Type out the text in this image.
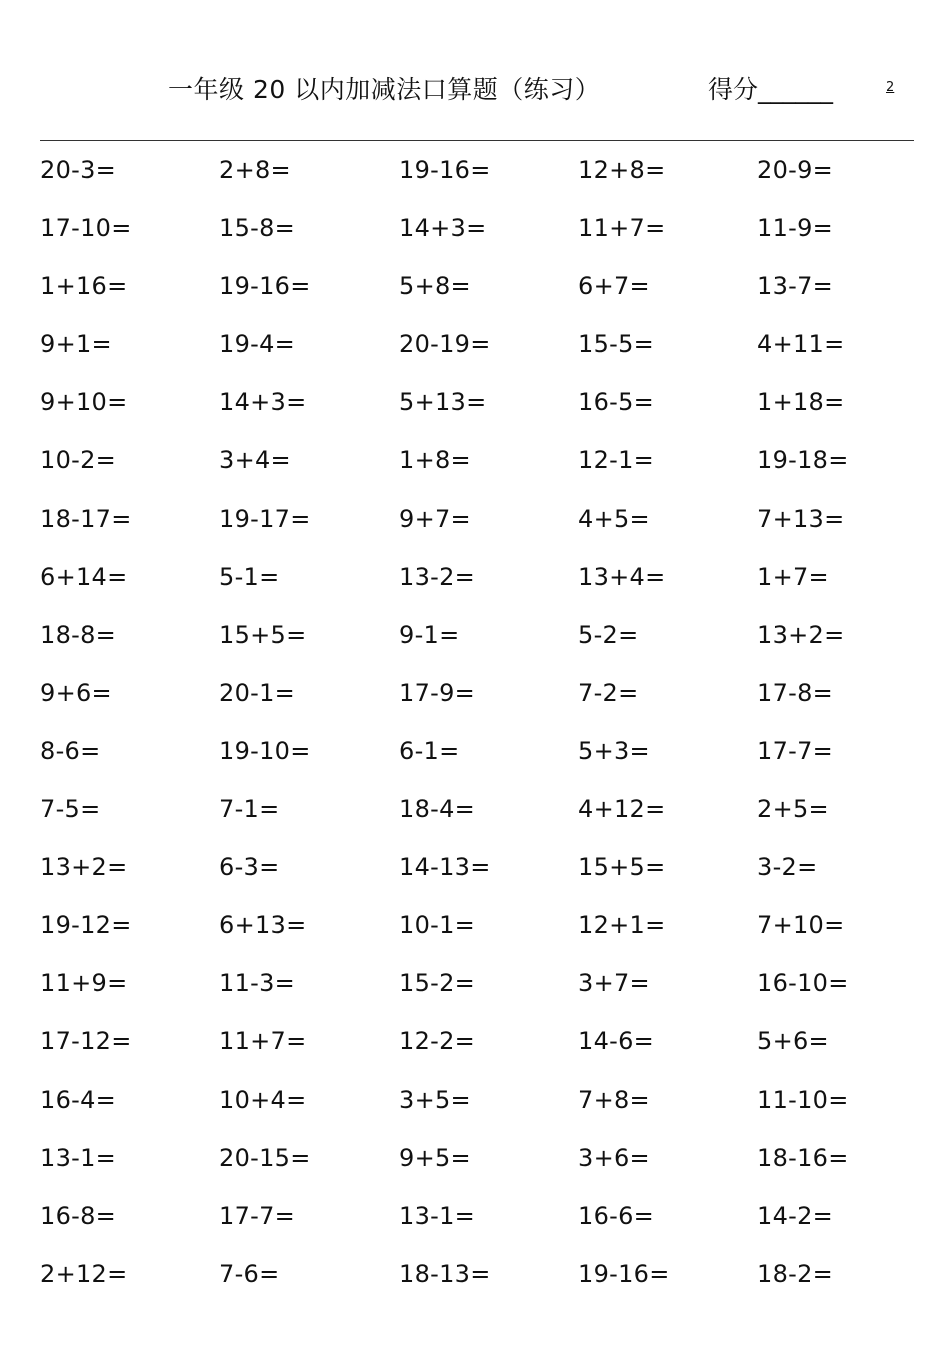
一年级 20 以内加减法口算题（练习）	得分______	2
20-3=	2+8=	19-16=	12+8=	20-9=
17-10=	15-8=	14+3=	11+7=	11-9=
1+16=	19-16=	5+8=	6+7=	13-7=
9+1=	19-4=	20-19=	15-5=	4+11=
9+10=	14+3=	5+13=	16-5=	1+18=
10-2=	3+4=	1+8=	12-1=	19-18=
18-17=	19-17=	9+7=	4+5=	7+13=
6+14=	5-1=	13-2=	13+4=	1+7=
18-8=	15+5=	9-1=	5-2=	13+2=
9+6=	20-1=	17-9=	7-2=	17-8=
8-6=	19-10=	6-1=	5+3=	17-7=
7-5=	7-1=	18-4=	4+12=	2+5=
13+2=	6-3=	14-13=	15+5=	3-2=
19-12=	6+13=	10-1=	12+1=	7+10=
11+9=	11-3=	15-2=	3+7=	16-10=
17-12=	11+7=	12-2=	14-6=	5+6=
16-4=	10+4=	3+5=	7+8=	11-10=
13-1=	20-15=	9+5=	3+6=	18-16=
16-8=	17-7=	13-1=	16-6=	14-2=
2+12=	7-6=	18-13=	19-16=	18-2=
